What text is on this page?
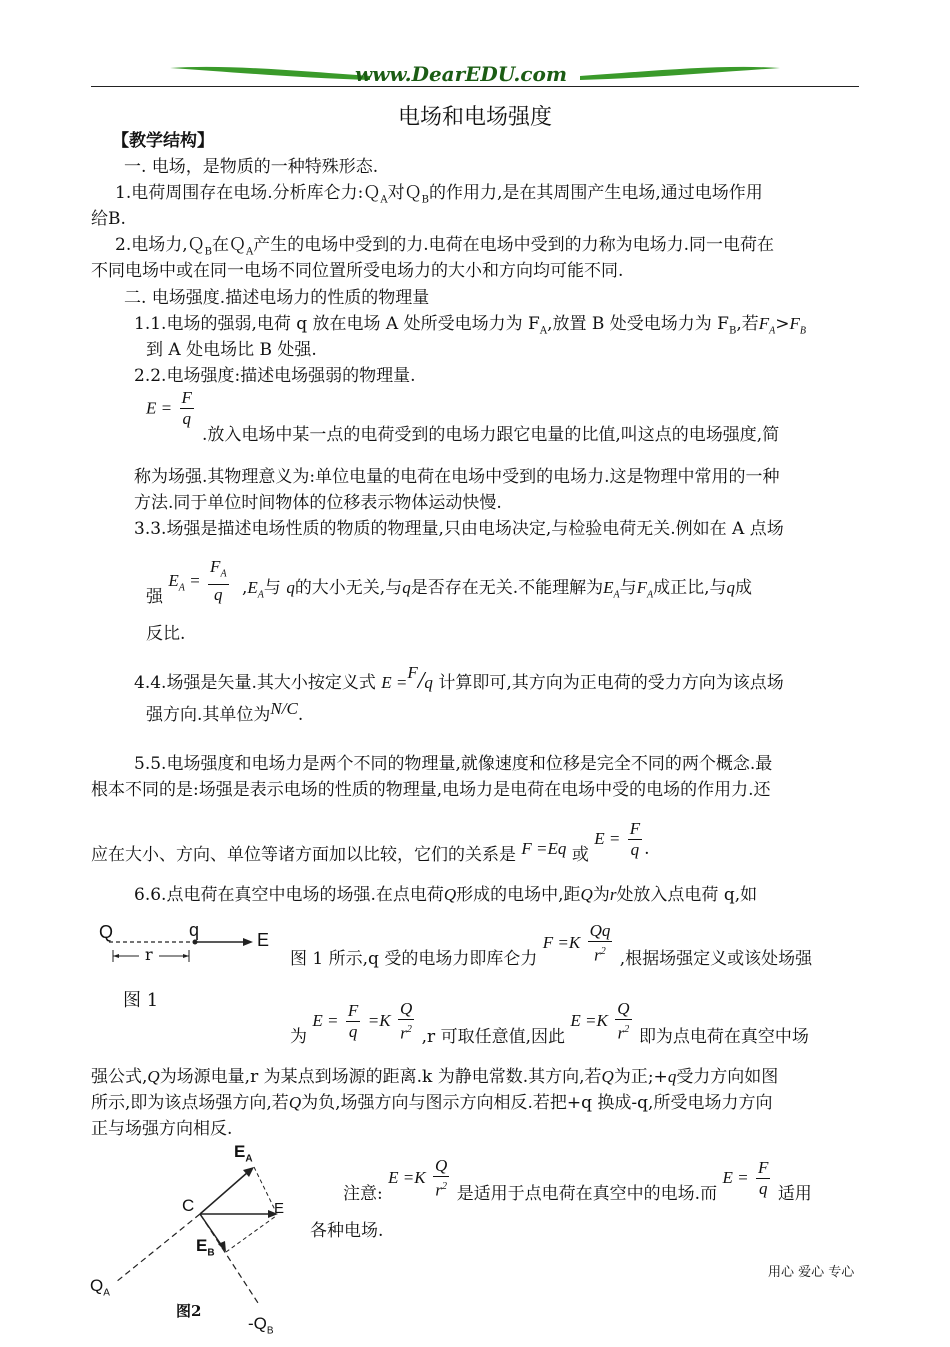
www.DearEDU.com
电场和电场强度
【教学结构】
一. 电场，是物质的一种特殊形态.
1.电荷周围存在电场.分析库仑力:Ｑ$_A$对Ｑ$_B$的作用力,是在其周围产生电场,通过电场作用
给B.
2.电场力,Ｑ$_B$在Ｑ$_A$产生的电场中受到的力.电荷在电场中受到的力称为电场力.同一电荷在
不同电场中或在同一电场不同位置所受电场力的大小和方向均可能不同.
二. 电场强度.描述电场力的性质的物理量
1.1.电场的强弱,电荷 q 放在电场 A 处所受电场力为 $F_A$,放置 B 处受电场力为 $F_B$,若$F_A>F_B$
到 A 处电场比 B 处强.
2.2.电场强度:描述电场强弱的物理量.
$E = \frac{F}{q}$
.放入电场中某一点的电荷受到的电场力跟它电量的比值,叫这点的电场强度,简
称为场强.其物理意义为:单位电量的电荷在电场中受到的电场力.这是物理中常用的一种
方法.同于单位时间物体的位移表示物体运动快慢.
3.3.场强是描述电场性质的物质的物理量,只由电场决定,与检验电荷无关.例如在 A 点场
强 $E_A = \frac{F_A}{q} ,E_A$与 q的大小无关,与q是否存在无关.不能理解为$E_A$与$F_A$成正比,与q成
反比.
4.4.场强是矢量.其大小按定义式 E =F/q 计算即可,其方向为正电荷的受力方向为该点场
强方向.其单位为N/C.
5.5.电场强度和电场力是两个不同的物理量,就像速度和位移是完全不同的两个概念.最
根本不同的是:场强是表示电场的性质的物理量,电场力是电荷在电场中受的电场的作用力.还
应在大小、方向、单位等诸方面加以比较，它们的关系是 F =Eq 或 $E = \frac{F}{q}$ .
6.6.点电荷在真空中电场的场强.在点电荷Q形成的电场中,距Q为r处放入点电荷 q,如
Q	q	E
r
图 1
图 1 所示,q 受的电场力即库仑力 $F =K \frac{Qq}{r^2}$ ,根据场强定义或该处场强
为 $E = \frac{F}{q} =K \frac{Q}{r^2} ,r$ 可取任意值,因此 $E =K \frac{Q}{r^2}$ 即为点电荷在真空中场
强公式,Q为场源电量,r 为某点到场源的距离.k 为静电常数.其方向,若Q为正;+q受力方向如图
所示,即为该点场强方向,若Q为负,场强方向与图示方向相反.若把+q 换成-q,所受电场力方向
正与场强方向相反.
$E_A$
C	E
$E_B$
$Q_A$
图2
$-Q_B$
注意: $E =K \frac{Q}{r^2}$ 是适用于点电荷在真空中的电场.而 $E = \frac{F}{q}$ 适用
各种电场.
用心 爱心 专心
